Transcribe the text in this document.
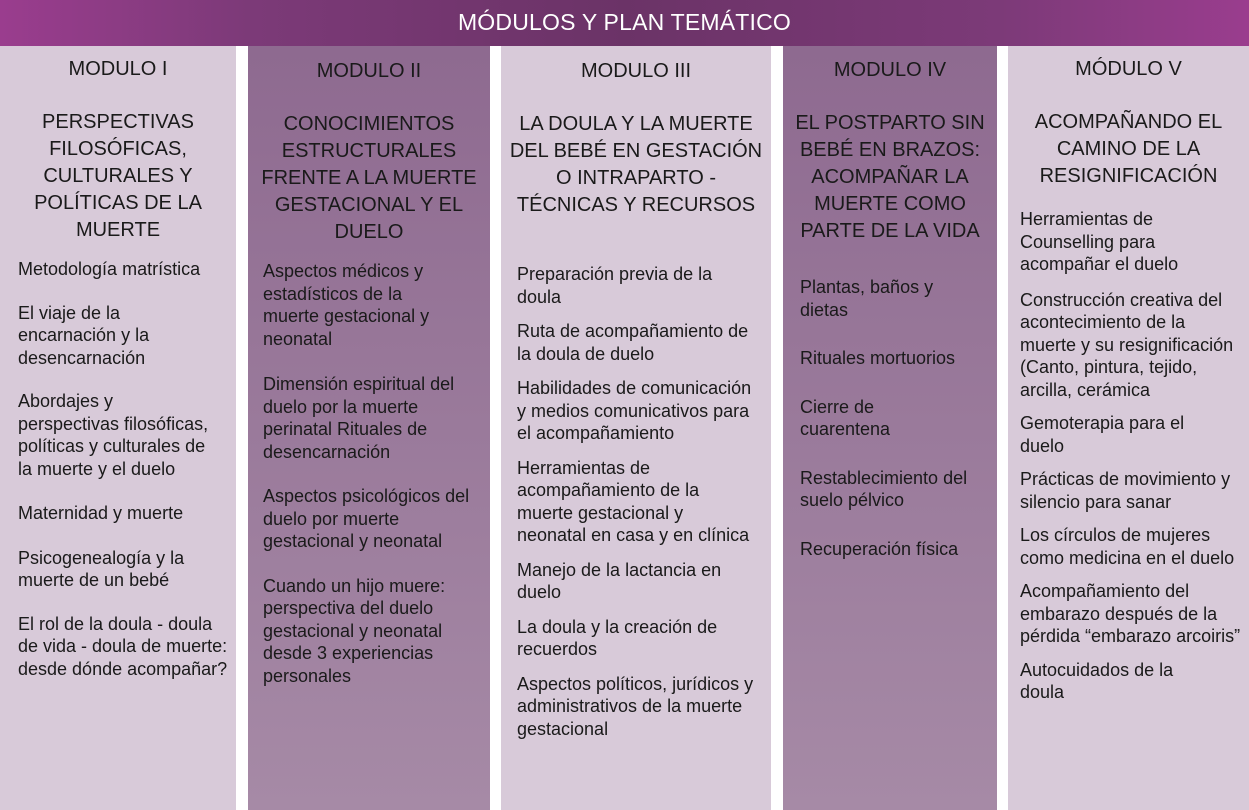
MÓDULOS Y PLAN TEMÁTICO
MODULO I
PERSPECTIVAS FILOSÓFICAS, CULTURALES Y POLÍTICAS DE LA MUERTE
Metodología matrística
El viaje de la encarnación y la desencarnación
Abordajes y perspectivas filosóficas, políticas y culturales de la muerte y el duelo
Maternidad y muerte
Psicogenealogía y la muerte de un bebé
El rol de la doula - doula de vida - doula de muerte: desde dónde acompañar?
MODULO II
CONOCIMIENTOS ESTRUCTURALES FRENTE A LA MUERTE GESTACIONAL Y EL DUELO
Aspectos médicos y estadísticos de la muerte gestacional y neonatal
Dimensión espiritual del duelo por la muerte perinatal Rituales de desencarnación
Aspectos psicológicos del duelo por muerte gestacional y neonatal
Cuando un hijo muere: perspectiva del duelo gestacional y neonatal desde 3 experiencias personales
MODULO III
LA DOULA Y LA MUERTE DEL BEBÉ EN GESTACIÓN O INTRAPARTO - TÉCNICAS Y RECURSOS
Preparación previa de la doula
Ruta de acompañamiento de la doula de duelo
Habilidades de comunicación y medios comunicativos para el acompañamiento
Herramientas de acompañamiento de la muerte gestacional y neonatal en casa y en clínica
Manejo de la lactancia en duelo
La doula y la creación de recuerdos
Aspectos políticos, jurídicos y administrativos de la muerte gestacional
MODULO IV
EL POSTPARTO SIN BEBÉ EN BRAZOS: ACOMPAÑAR LA MUERTE COMO PARTE DE LA VIDA
Plantas, baños y dietas
Rituales mortuorios
Cierre de cuarentena
Restablecimiento del suelo pélvico
Recuperación física
MÓDULO V
ACOMPAÑANDO EL CAMINO DE LA RESIGNIFICACIÓN
Herramientas de Counselling para acompañar el duelo
Construcción creativa del acontecimiento de la muerte y su resignificación (Canto, pintura, tejido, arcilla, cerámica
Gemoterapia para el duelo
Prácticas de movimiento y silencio para sanar
Los círculos de mujeres como medicina en el duelo
Acompañamiento del embarazo después de la pérdida “embarazo arcoiris”
Autocuidados de la doula
